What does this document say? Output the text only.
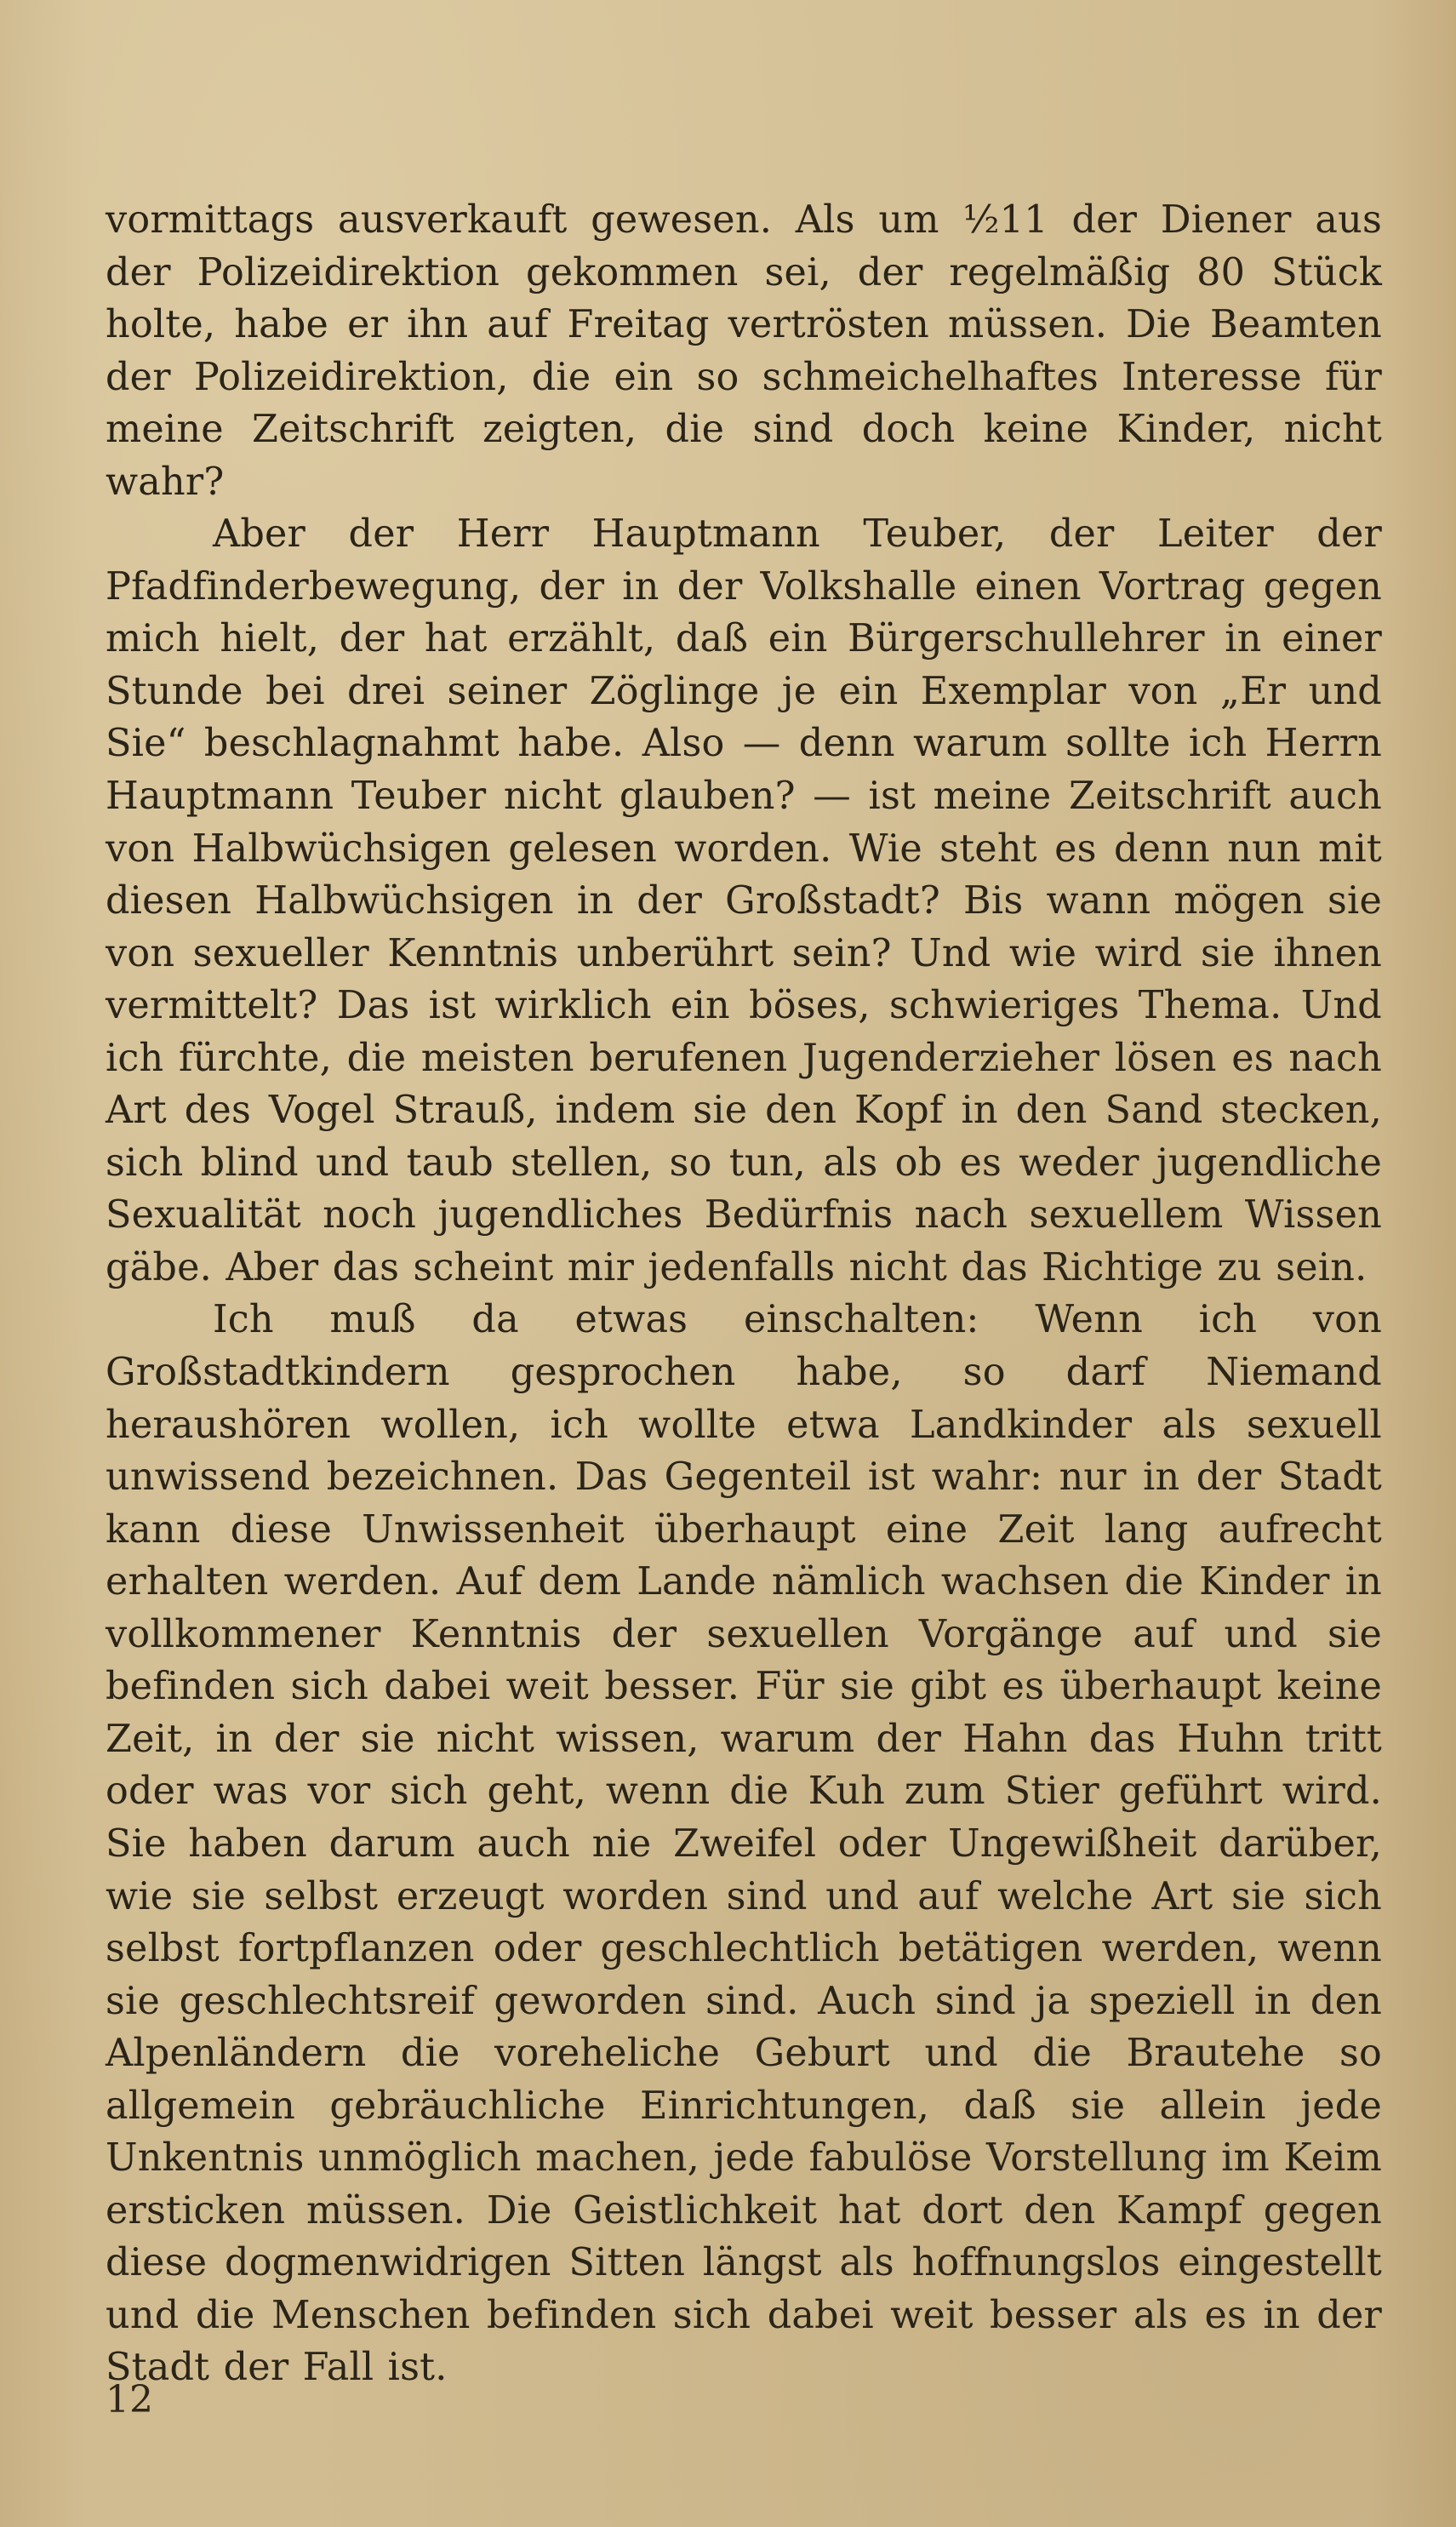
vormittags ausverkauft gewesen. Als um ½11 der Diener aus der Polizeidirektion gekommen sei, der regelmäßig 80 Stück holte, habe er ihn auf Freitag vertrösten müssen. Die Beamten der Polizeidirektion, die ein so schmeichelhaftes Interesse für meine Zeitschrift zeigten, die sind doch keine Kinder, nicht wahr?

Aber der Herr Hauptmann Teuber, der Leiter der Pfadfinderbewegung, der in der Volkshalle einen Vortrag gegen mich hielt, der hat erzählt, daß ein Bürgerschullehrer in einer Stunde bei drei seiner Zöglinge je ein Exemplar von „Er und Sie“ beschlagnahmt habe. Also — denn warum sollte ich Herrn Hauptmann Teuber nicht glauben? — ist meine Zeitschrift auch von Halbwüchsigen gelesen worden. Wie steht es denn nun mit diesen Halbwüchsigen in der Großstadt? Bis wann mögen sie von sexueller Kenntnis unberührt sein? Und wie wird sie ihnen vermittelt? Das ist wirklich ein böses, schwieriges Thema. Und ich fürchte, die meisten berufenen Jugenderzieher lösen es nach Art des Vogel Strauß, indem sie den Kopf in den Sand stecken, sich blind und taub stellen, so tun, als ob es weder jugendliche Sexualität noch jugendliches Bedürfnis nach sexuellem Wissen gäbe. Aber das scheint mir jedenfalls nicht das Richtige zu sein.

Ich muß da etwas einschalten: Wenn ich von Großstadtkindern gesprochen habe, so darf Niemand heraushören wollen, ich wollte etwa Landkinder als sexuell unwissend bezeichnen. Das Gegenteil ist wahr: nur in der Stadt kann diese Unwissenheit überhaupt eine Zeit lang aufrecht erhalten werden. Auf dem Lande nämlich wachsen die Kinder in vollkommener Kenntnis der sexuellen Vorgänge auf und sie befinden sich dabei weit besser. Für sie gibt es überhaupt keine Zeit, in der sie nicht wissen, warum der Hahn das Huhn tritt oder was vor sich geht, wenn die Kuh zum Stier geführt wird. Sie haben darum auch nie Zweifel oder Ungewißheit darüber, wie sie selbst erzeugt worden sind und auf welche Art sie sich selbst fortpflanzen oder geschlechtlich betätigen werden, wenn sie geschlechtsreif geworden sind. Auch sind ja speziell in den Alpenländern die voreheliche Geburt und die Brautehe so allgemein gebräuchliche Einrichtungen, daß sie allein jede Unkentnis unmöglich machen, jede fabulöse Vorstellung im Keim ersticken müssen. Die Geistlichkeit hat dort den Kampf gegen diese dogmenwidrigen Sitten längst als hoffnungslos eingestellt und die Menschen befinden sich dabei weit besser als es in der Stadt der Fall ist.

12
